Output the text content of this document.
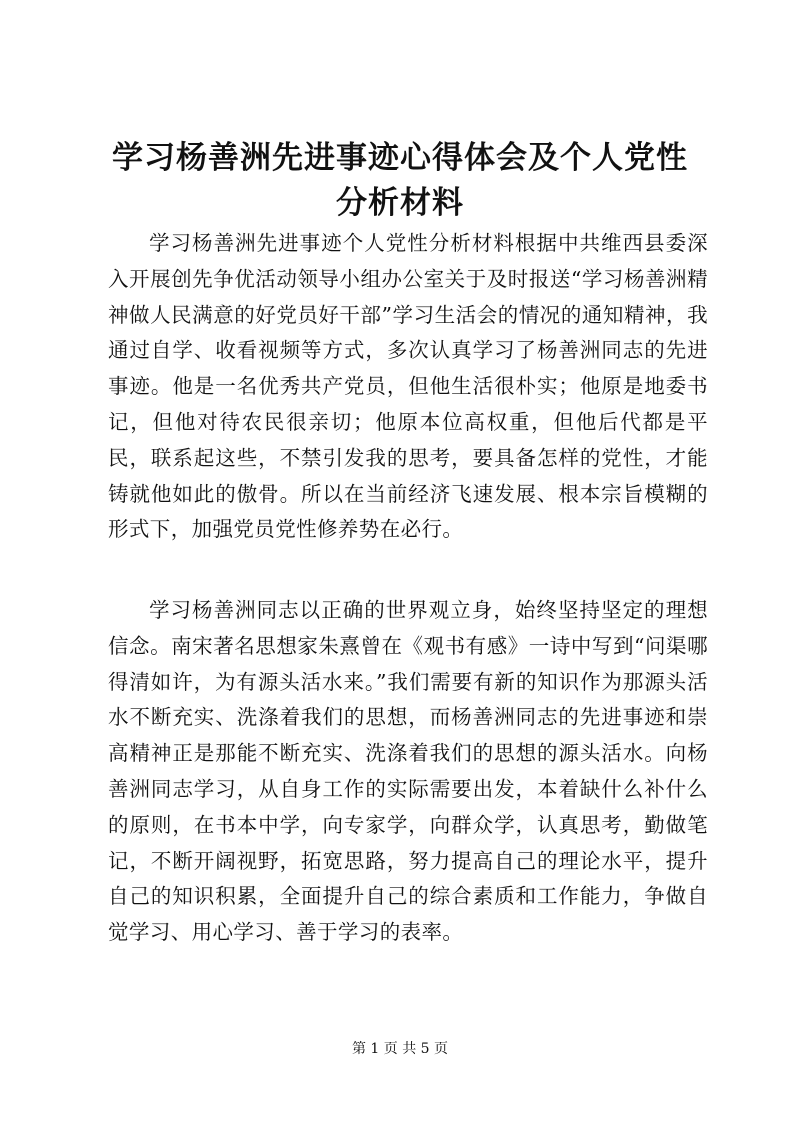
学习杨善洲先进事迹心得体会及个人党性分析材料

学习杨善洲先进事迹个人党性分析材料根据中共维西县委深入开展创先争优活动领导小组办公室关于及时报送“学习杨善洲精神做人民满意的好党员好干部”学习生活会的情况的通知精神，我通过自学、收看视频等方式，多次认真学习了杨善洲同志的先进事迹。他是一名优秀共产党员，但他生活很朴实；他原是地委书记，但他对待农民很亲切；他原本位高权重，但他后代都是平民，联系起这些，不禁引发我的思考，要具备怎样的党性，才能铸就他如此的傲骨。所以在当前经济飞速发展、根本宗旨模糊的形式下，加强党员党性修养势在必行。

学习杨善洲同志以正确的世界观立身，始终坚持坚定的理想信念。南宋著名思想家朱熹曾在《观书有感》一诗中写到“问渠哪得清如许，为有源头活水来。”我们需要有新的知识作为那源头活水不断充实、洗涤着我们的思想，而杨善洲同志的先进事迹和崇高精神正是那能不断充实、洗涤着我们的思想的源头活水。向杨善洲同志学习，从自身工作的实际需要出发，本着缺什么补什么的原则，在书本中学，向专家学，向群众学，认真思考，勤做笔记，不断开阔视野，拓宽思路，努力提高自己的理论水平，提升自己的知识积累，全面提升自己的综合素质和工作能力，争做自觉学习、用心学习、善于学习的表率。

第 1 页 共 5 页
